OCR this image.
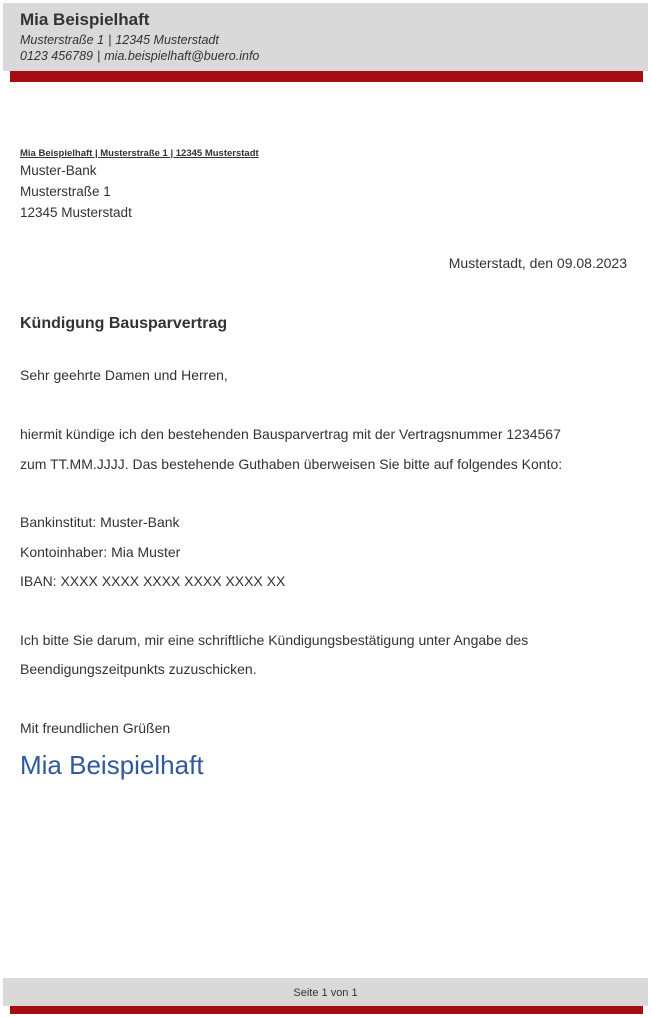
Mia Beispielhaft
Musterstraße 1 | 12345 Musterstadt
0123 456789 | mia.beispielhaft@buero.info
Mia Beispielhaft | Musterstraße 1 | 12345 Musterstadt
Muster-Bank
Musterstraße 1
12345 Musterstadt
Musterstadt, den 09.08.2023
Kündigung Bausparvertrag
Sehr geehrte Damen und Herren,
hiermit kündige ich den bestehenden Bausparvertrag mit der Vertragsnummer 1234567
zum TT.MM.JJJJ. Das bestehende Guthaben überweisen Sie bitte auf folgendes Konto:
Bankinstitut: Muster-Bank
Kontoinhaber: Mia Muster
IBAN: XXXX XXXX XXXX XXXX XXXX XX
Ich bitte Sie darum, mir eine schriftliche Kündigungsbestätigung unter Angabe des
Beendigungszeitpunkts zuzuschicken.
Mit freundlichen Grüßen
Mia Beispielhaft
Seite 1 von 1
